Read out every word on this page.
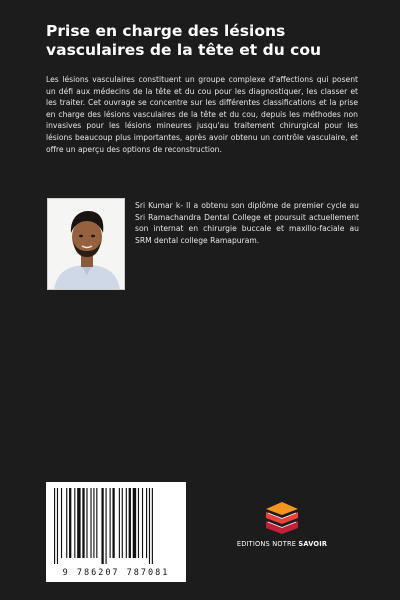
Prise en charge des lésions vasculaires de la tête et du cou

Les lésions vasculaires constituent un groupe complexe d'affections qui posent un défi aux médecins de la tête et du cou pour les diagnostiquer, les classer et les traiter. Cet ouvrage se concentre sur les différentes classifications et la prise en charge des lésions vasculaires de la tête et du cou, depuis les méthodes non invasives pour les lésions mineures jusqu'au traitement chirurgical pour les lésions beaucoup plus importantes, après avoir obtenu un contrôle vasculaire, et offre un aperçu des options de reconstruction.

Sri Kumar k- ll a obtenu son diplôme de premier cycle au Sri Ramachandra Dental College et poursuit actuellement son internat en chirurgie buccale et maxillo-faciale au SRM dental college Ramapuram.

9 786207 787081
EDITIONS NOTRE SAVOIR
